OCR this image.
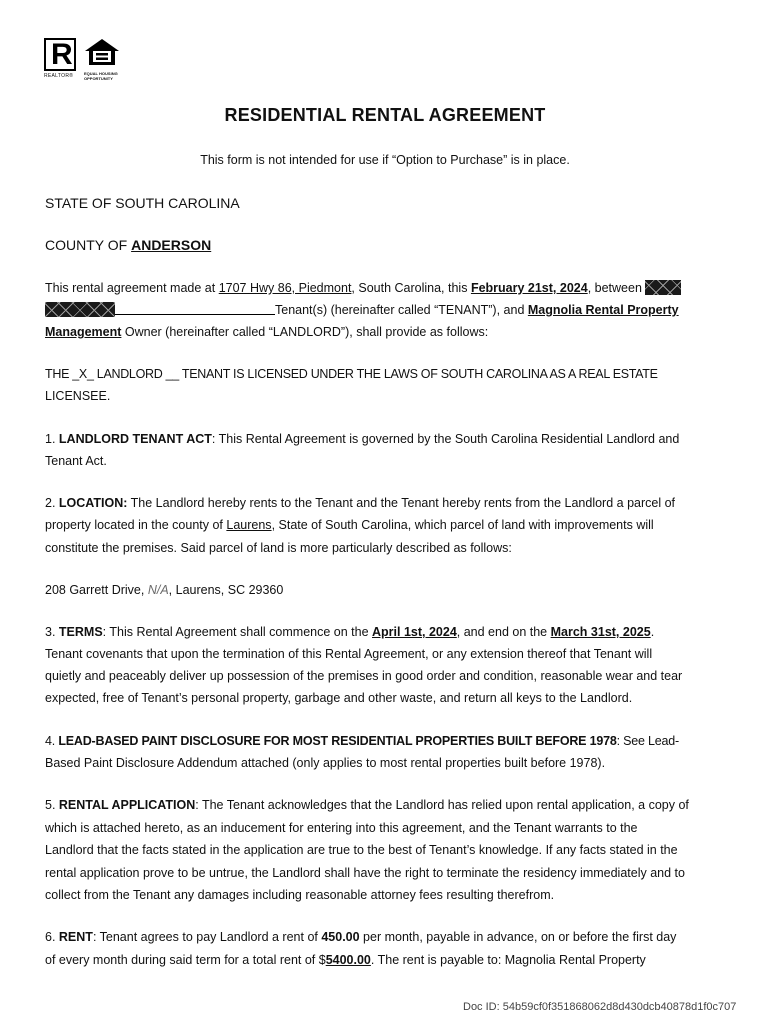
R
REALTOR®	EQUAL HOUSING OPPORTUNITY
RESIDENTIAL RENTAL AGREEMENT
This form is not intended for use if “Option to Purchase” is in place.
STATE OF SOUTH CAROLINA
COUNTY OF ANDERSON
This rental agreement made at 1707 Hwy 86, Piedmont, South Carolina, this February 21st, 2024, between
Tenant(s) (hereinafter called “TENANT”), and Magnolia Rental Property
Management Owner (hereinafter called “LANDLORD”), shall provide as follows:
THE _X_ LANDLORD __ TENANT IS LICENSED UNDER THE LAWS OF SOUTH CAROLINA AS A REAL ESTATE
LICENSEE.
1. LANDLORD TENANT ACT: This Rental Agreement is governed by the South Carolina Residential Landlord and
Tenant Act.
2. LOCATION: The Landlord hereby rents to the Tenant and the Tenant hereby rents from the Landlord a parcel of
property located in the county of Laurens, State of South Carolina, which parcel of land with improvements will
constitute the premises. Said parcel of land is more particularly described as follows:
208 Garrett Drive, N/A, Laurens, SC 29360
3. TERMS: This Rental Agreement shall commence on the April 1st, 2024, and end on the March 31st, 2025.
Tenant covenants that upon the termination of this Rental Agreement, or any extension thereof that Tenant will
quietly and peaceably deliver up possession of the premises in good order and condition, reasonable wear and tear
expected, free of Tenant’s personal property, garbage and other waste, and return all keys to the Landlord.
4. LEAD-BASED PAINT DISCLOSURE FOR MOST RESIDENTIAL PROPERTIES BUILT BEFORE 1978: See Lead-
Based Paint Disclosure Addendum attached (only applies to most rental properties built before 1978).
5. RENTAL APPLICATION: The Tenant acknowledges that the Landlord has relied upon rental application, a copy of
which is attached hereto, as an inducement for entering into this agreement, and the Tenant warrants to the
Landlord that the facts stated in the application are true to the best of Tenant’s knowledge. If any facts stated in the
rental application prove to be untrue, the Landlord shall have the right to terminate the residency immediately and to
collect from the Tenant any damages including reasonable attorney fees resulting therefrom.
6. RENT: Tenant agrees to pay Landlord a rent of 450.00 per month, payable in advance, on or before the first day
of every month during said term for a total rent of $5400.00. The rent is payable to: Magnolia Rental Property
Doc ID: 54b59cf0f351868062d8d430dcb40878d1f0c707
